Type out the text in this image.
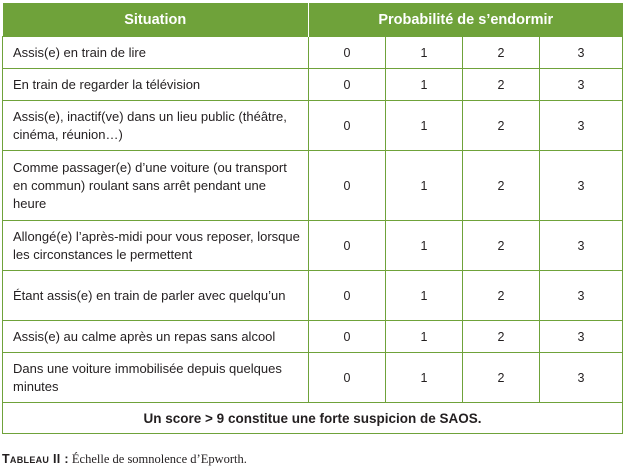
Situation	Probabilité de s’endormir			
Assis(e) en train de lire	0	1	2	3
En train de regarder la télévision	0	1	2	3
Assis(e), inactif(ve) dans un lieu public (théâtre, cinéma, réunion…)	0	1	2	3
Comme passager(e) d’une voiture (ou transport en commun) roulant sans arrêt pendant une heure	0	1	2	3
Allongé(e) l’après-midi pour vous reposer, lorsque les circonstances le permettent	0	1	2	3
Étant assis(e) en train de parler avec quelqu’un	0	1	2	3
Assis(e) au calme après un repas sans alcool	0	1	2	3
Dans une voiture immobilisée depuis quelques minutes	0	1	2	3
Un score > 9 constitue une forte suspicion de SAOS.				
Tableau II : Échelle de somnolence d’Epworth.
